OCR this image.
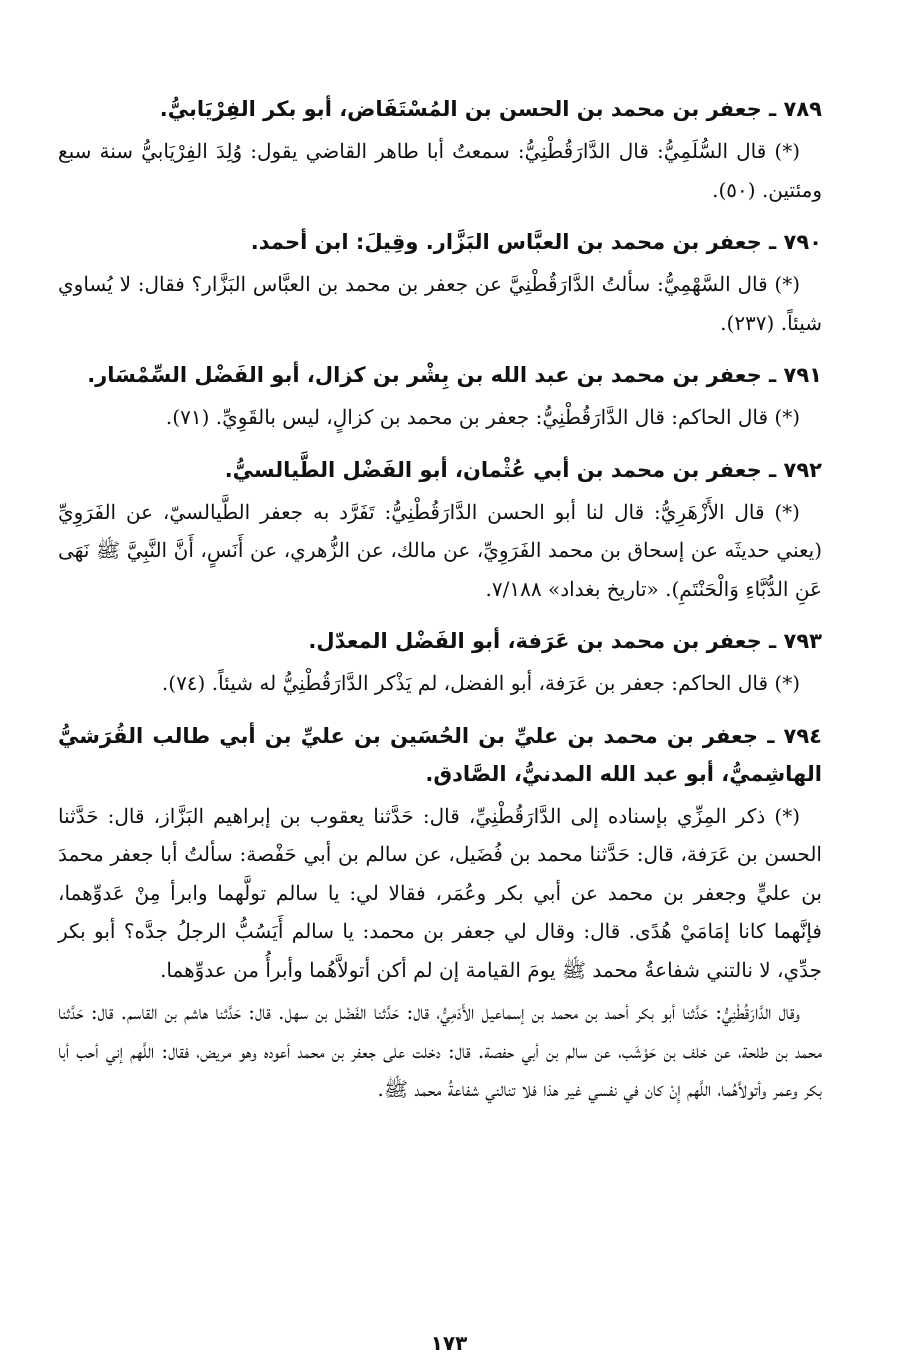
٧٨٩ ـ جعفر بن محمد بن الحسن بن المُسْتَفَاض، أبو بكر الفِرْيَابيُّ.
(*) قال السُّلَمِيُّ: قال الدَّارَقُطْنِيُّ: سمعتُ أبا طاهر القاضي يقول: وُلِدَ الفِرْيَابيُّ سنة سبع ومئتين. (٥٠).
٧٩٠ ـ جعفر بن محمد بن العبَّاس البَزَّار. وقِيلَ: ابن أحمد.
(*) قال السَّهْمِيُّ: سألتُ الدَّارَقُطْنِيَّ عن جعفر بن محمد بن العبَّاس البَزَّار؟ فقال: لا يُساوي شيئاً. (٢٣٧).
٧٩١ ـ جعفر بن محمد بن عبد الله بن بِشْر بن كزال، أبو الفَضْل السِّمْسَار.
(*) قال الحاكم: قال الدَّارَقُطْنِيُّ: جعفر بن محمد بن كزالٍ، ليس بالقَوِيِّ. (٧١).
٧٩٢ ـ جعفر بن محمد بن أبي عُثْمان، أبو الفَضْل الطَّيالسيُّ.
(*) قال الأَزْهَرِيُّ: قال لنا أبو الحسن الدَّارَقُطْنِيُّ: تَفَرَّد به جعفر الطَّيالسيّ، عن الفَرَوِيِّ (يعني حديثَه عن إسحاق بن محمد الفَرَوِيِّ، عن مالك، عن الزُّهري، عن أَنَسٍ، أَنَّ النَّبِيَّ ﷺ نَهَى عَنِ الدُّبَّاءِ وَالْحَنْتَمِ). «تاريخ بغداد» ٧/١٨٨.
٧٩٣ ـ جعفر بن محمد بن عَرَفة، أبو الفَضْل المعدّل.
(*) قال الحاكم: جعفر بن عَرَفة، أبو الفضل، لم يَذْكر الدَّارَقُطْنِيُّ له شيئاً. (٧٤).
٧٩٤ ـ جعفر بن محمد بن عليِّ بن الحُسَين بن عليِّ بن أبي طالب القُرَشيُّ الهاشِميُّ، أبو عبد الله المدنيُّ، الصَّادق.
(*) ذكر المِزِّي بإسناده إلى الدَّارَقُطْنِيِّ، قال: حَدَّثنا يعقوب بن إبراهيم البَزَّاز، قال: حَدَّثنا الحسن بن عَرَفة، قال: حَدَّثنا محمد بن فُضَيل، عن سالم بن أبي حَفْصة: سألتُ أبا جعفر محمدَ بن عليٍّ وجعفر بن محمد عن أبي بكر وعُمَر، فقالا لي: يا سالم تولَّهما وابرأ مِنْ عَدوِّهما، فإنَّهما كانا إمَامَيْ هُدًى. قال: وقال لي جعفر بن محمد: يا سالم أَيَسُبُّ الرجلُ جدَّه؟ أبو بكر جدِّي، لا نالتني شفاعةُ محمد ﷺ يومَ القيامة إن لم أكن أتولاَّهُما وأبرأُ من عدوِّهما.
وقال الدَّارَقُطْنِيُّ: حَدَّثنا أبو بكر أحمد بن محمد بن إسماعيل الأَدَمِيُّ، قال: حَدَّثنا الفَضْل بن سهل. قال: حَدَّثنا هاشم بن القاسم. قال: حَدَّثنا محمد بن طلحة، عن خلف بن حَوْشَب، عن سالم بن أبي حفصة. قال: دخلت على جعفر بن محمد أعوده وهو مريض، فقال: اللَّهم إني أحب أبا بكر وعمر وأتولاَّهُما، اللَّهم إِنْ كان في نفسي غير هذا فلا تنالني شفاعةُ محمد ﷺ.
١٧٣
